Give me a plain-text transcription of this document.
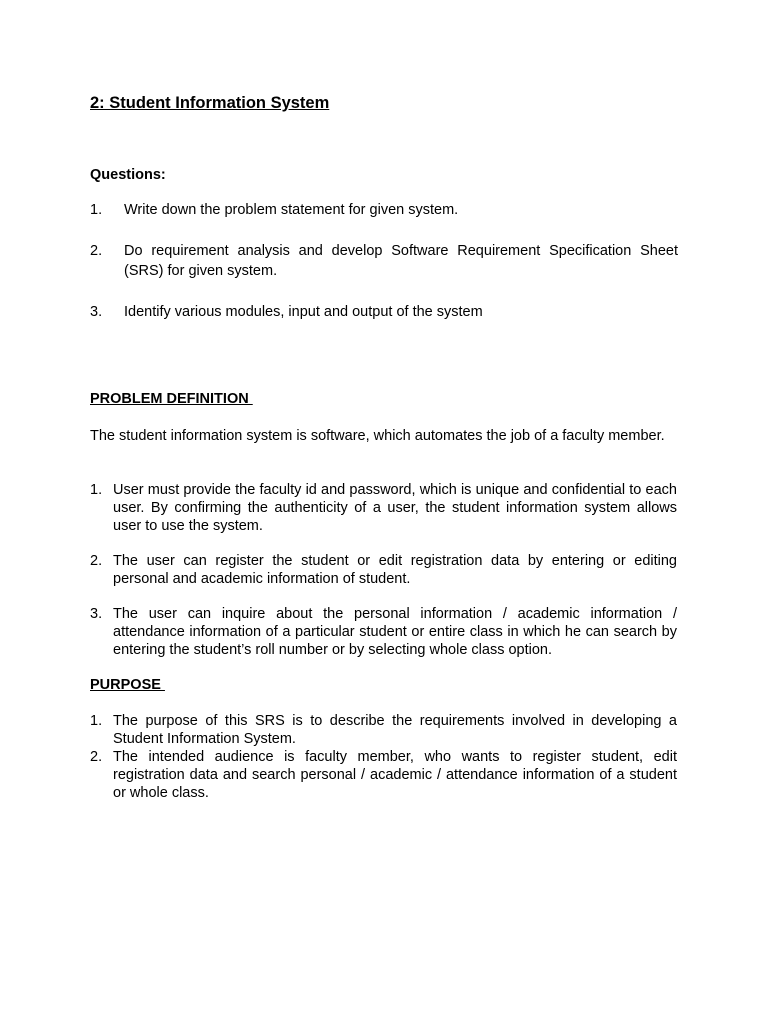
2: Student Information System

Questions:

1. Write down the problem statement for given system.
2. Do requirement analysis and develop Software Requirement Specification Sheet (SRS) for given system.
3. Identify various modules, input and output of the system

PROBLEM DEFINITION

The student information system is software, which automates the job of a faculty member.

1. User must provide the faculty id and password, which is unique and confidential to each user. By confirming the authenticity of a user, the student information system allows user to use the system.
2. The user can register the student or edit registration data by entering or editing personal and academic information of student.
3. The user can inquire about the personal information / academic information / attendance information of a particular student or entire class in which he can search by entering the student’s roll number or by selecting whole class option.

PURPOSE

1. The purpose of this SRS is to describe the requirements involved in developing a Student Information System.
2. The intended audience is faculty member, who wants to register student, edit registration data and search personal / academic / attendance information of a student or whole class.
